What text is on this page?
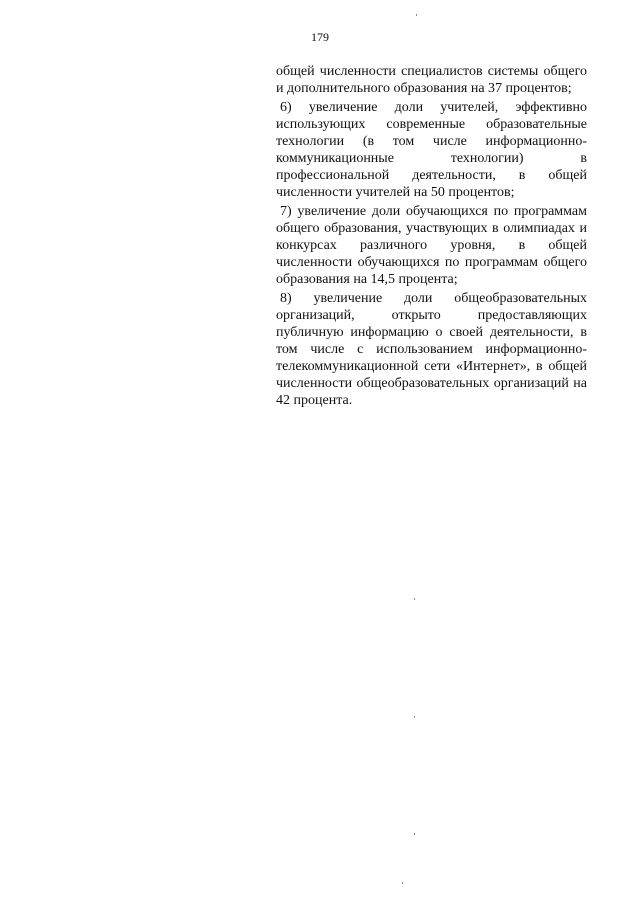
179

общей численности специалистов системы общего и дополнительного образования на 37 процентов;

6) увеличение доли учителей, эффективно использующих современные образовательные технологии (в том числе информационно-коммуникационные технологии) в профессиональной деятельности, в общей численности учителей на 50 процентов;

7) увеличение доли обучающихся по программам общего образования, участвующих в олимпиадах и конкурсах различного уровня, в общей численности обучающихся по программам общего образования на 14,5 процента;

8) увеличение доли общеобразовательных организаций, открыто предоставляющих публичную информацию о своей деятельности, в том числе с использованием информационно-телекоммуникационной сети «Интернет», в общей численности общеобразовательных организаций на 42 процента.
